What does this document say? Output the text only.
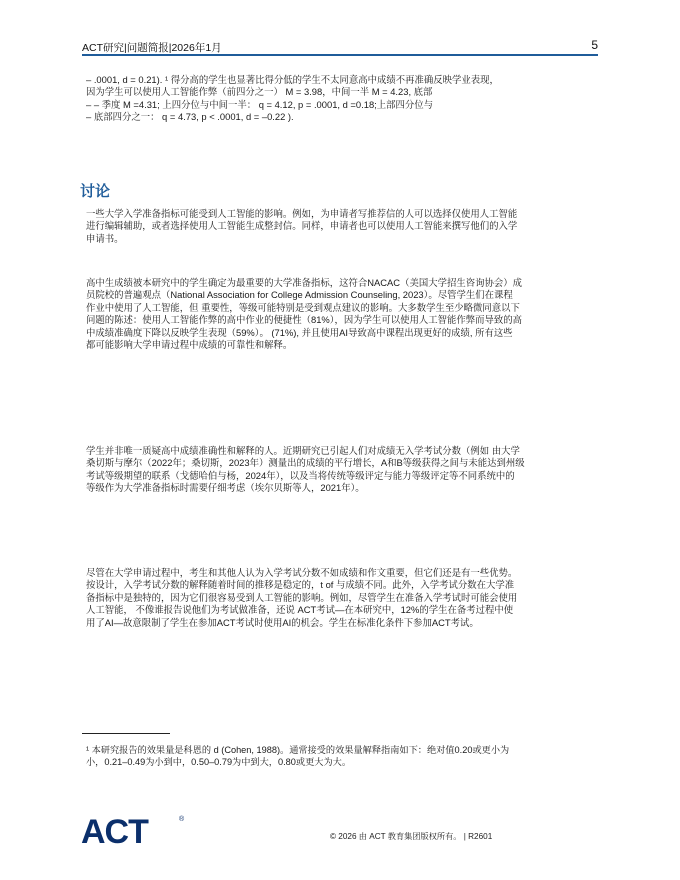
ACT研究|问题简报|2026年1月	5
– .0001, d = 0.21). ¹ 得分高的学生也显著比得分低的学生不太同意高中成绩不再准确反映学业表现，
因为学生可以使用人工智能作弊（前四分之一） M = 3.98，中间一半 M = 4.23, 底部
– – 季度 M =4.31; 上四分位与中间一半： q = 4.12, p = .0001, d =0.18;上部四分位与
– 底部四分之一： q = 4.73, p < .0001, d = –0.22 ).
讨论
一些大学入学准备指标可能受到人工智能的影响。例如，为申请者写推荐信的人可以选择仅使用人工智能
进行编辑辅助，或者选择使用人工智能生成整封信。同样，申请者也可以使用人工智能来撰写他们的入学
申请书。
高中生成绩被本研究中的学生确定为最重要的大学准备指标，这符合NACAC（美国大学招生咨询协会）成
员院校的普遍观点（National Association for College Admission Counseling, 2023）。尽管学生们在课程
作业中使用了人工智能，但 重要性，等级可能特别是受到观点建议的影响。大多数学生至少略微同意以下
问题的陈述：使用人工智能作弊的高中作业的便捷性（81%），因为学生可以使用人工智能作弊而导致的高
中成绩准确度下降以反映学生表现（59%）。 (71%), 并且使用AI导致高中课程出现更好的成绩, 所有这些
都可能影响大学申请过程中成绩的可靠性和解释。
学生并非唯一质疑高中成绩准确性和解释的人。近期研究已引起人们对成绩无入学考试分数（例如 由大学
桑切斯与摩尔（2022年；桑切斯，2023年）测量出的成绩的平行增长，A和B等级获得之间与未能达到州级
考试等级期望的联系（戈德哈伯与杨，2024年），以及当将传统等级评定与能力等级评定等不同系统中的
等级作为大学准备指标时需要仔细考虑（埃尔贝斯等人，2021年）。
尽管在大学申请过程中，考生和其他人认为入学考试分数不如成绩和作文重要，但它们还是有一些优势。
按设计，入学考试分数的解释随着时间的推移是稳定的，t of 与成绩不同。此外，入学考试分数在大学准
备指标中是独特的，因为它们很容易受到人工智能的影响。例如，尽管学生在准备入学考试时可能会使用
人工智能， 不像谁报告说他们为考试做准备，还说 ACT考试—在本研究中，12%的学生在备考过程中使
用了AI—故意限制了学生在参加ACT考试时使用AI的机会。学生在标准化条件下参加ACT考试。
¹ 本研究报告的效果量是科恩的 d (Cohen, 1988)。通常接受的效果量解释指南如下：绝对值0.20或更小为
小，0.21–0.49为小到中，0.50–0.79为中到大，0.80或更大为大。
ACT	®
© 2026 由 ACT 教育集团版权所有。 | R2601
